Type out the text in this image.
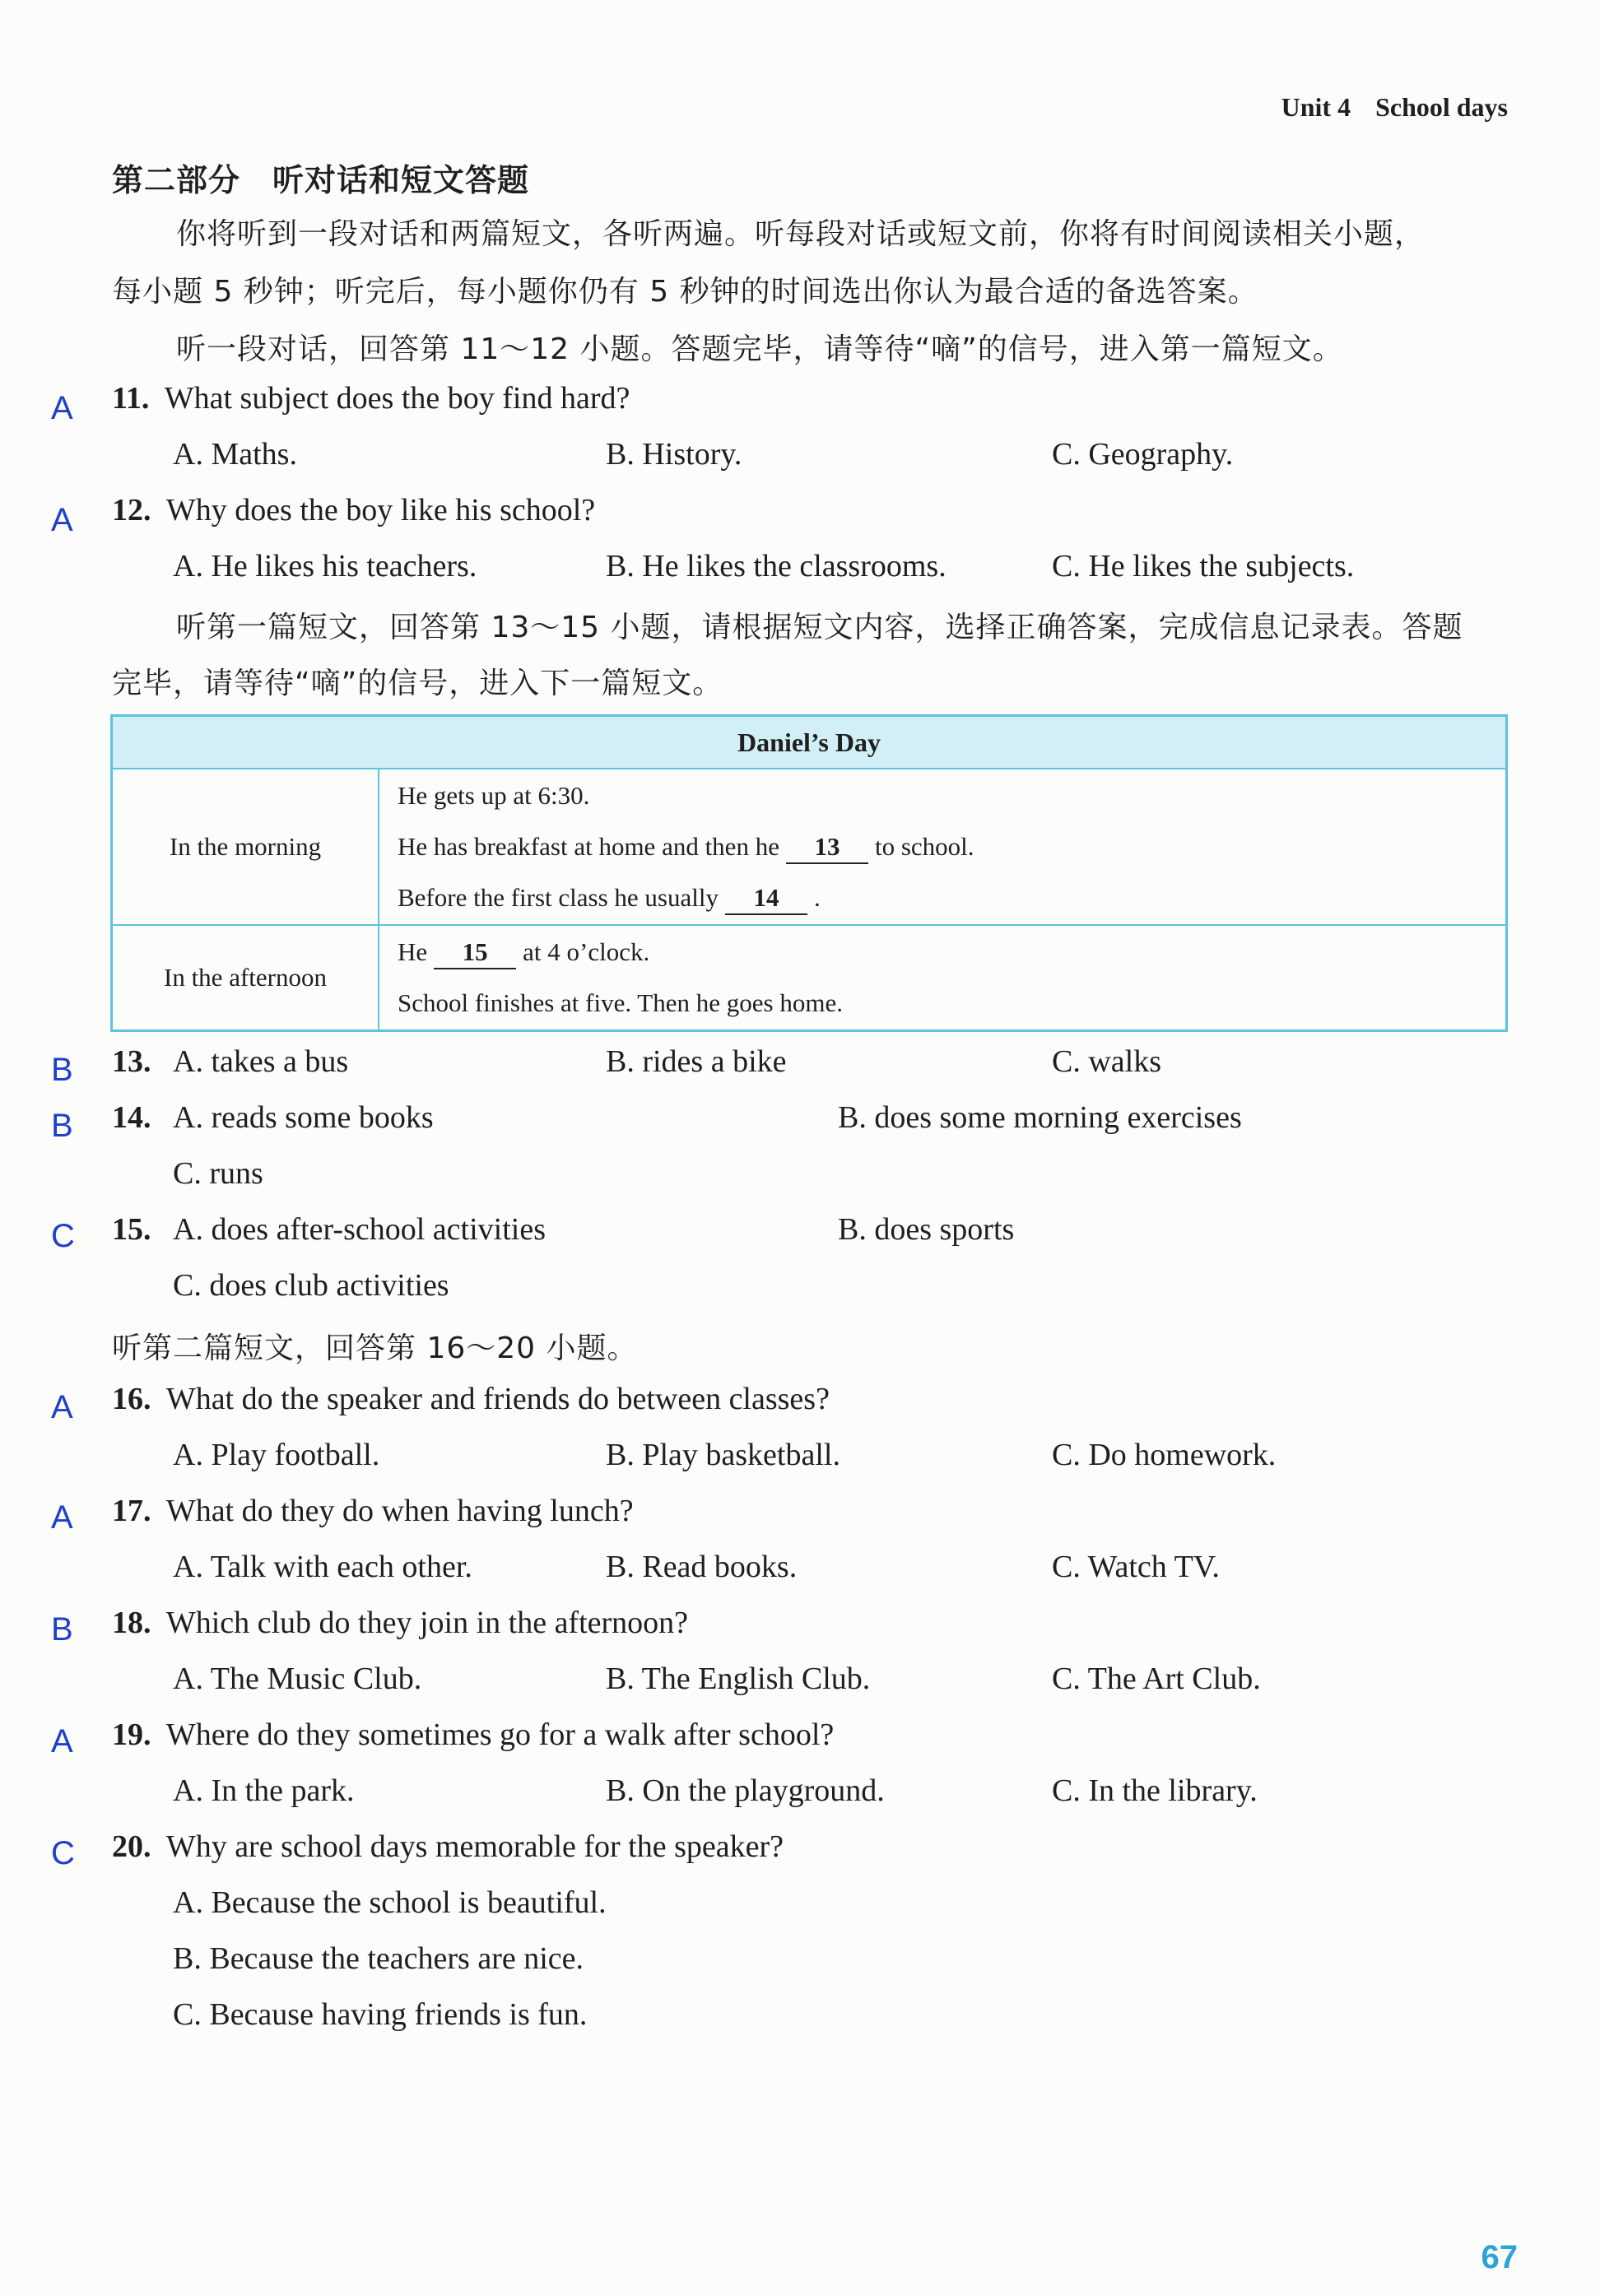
Unit 4 School days
第二部分　听对话和短文答题
你将听到一段对话和两篇短文，各听两遍。听每段对话或短文前，你将有时间阅读相关小题，
每小题 5 秒钟；听完后，每小题你仍有 5 秒钟的时间选出你认为最合适的备选答案。
听一段对话，回答第 11～12 小题。答题完毕，请等待“嘀”的信号，进入第一篇短文。
A 11. What subject does the boy find hard?
A. Maths.	B. History.	C. Geography.
A 12. Why does the boy like his school?
A. He likes his teachers.	B. He likes the classrooms.	C. He likes the subjects.
听第一篇短文，回答第 13～15 小题，请根据短文内容，选择正确答案，完成信息记录表。答题
完毕，请等待“嘀”的信号，进入下一篇短文。
Daniel’s Day	
In the morning	He gets up at 6:30.
He has breakfast at home and then he 13 to school.
Before the first class he usually 14 .

In the afternoon	He 15 at 4 o’clock.
School finishes at five. Then he goes home.
B 13. A. takes a bus	B. rides a bike	C. walks
B 14. A. reads some books	B. does some morning exercises
C. runs
C 15. A. does after-school activities	B. does sports
C. does club activities
听第二篇短文，回答第 16～20 小题。
A 16. What do the speaker and friends do between classes?
A. Play football.	B. Play basketball.	C. Do homework.
A 17. What do they do when having lunch?
A. Talk with each other.	B. Read books.	C. Watch TV.
B 18. Which club do they join in the afternoon?
A. The Music Club.	B. The English Club.	C. The Art Club.
A 19. Where do they sometimes go for a walk after school?
A. In the park.	B. On the playground.	C. In the library.
C 20. Why are school days memorable for the speaker?
A. Because the school is beautiful.
B. Because the teachers are nice.
C. Because having friends is fun.
67
